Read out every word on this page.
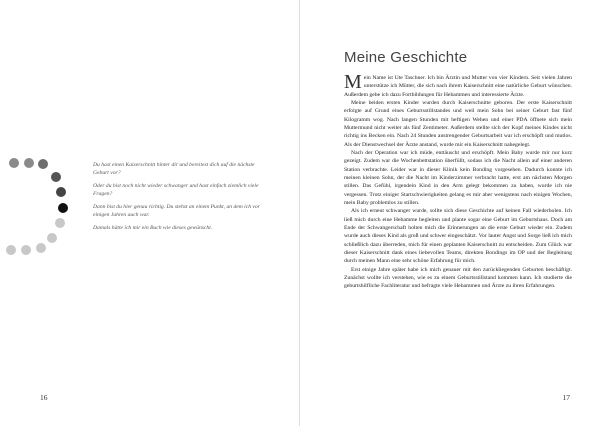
Du hast einen Kaiserschnitt hinter dir und bereitest dich auf die nächste Geburt vor?

Oder du bist noch nicht wieder schwanger und hast einfach ziemlich viele Fragen?

Dann bist du hier genau richtig. Du stehst an einem Punkt, an dem ich vor einigen Jahren auch war.

Damals hätte ich mir ein Buch wie dieses gewünscht.

16
Meine Geschichte

Mein Name ist Ute Taschner. Ich bin Ärztin und Mutter von vier Kindern. Seit vielen Jahren unterstütze ich Mütter, die sich nach ihrem Kaiserschnitt eine natürliche Geburt wünschen. Außerdem gebe ich dazu Fortbildungen für Hebammen und interessierte Ärzte.

Meine beiden ersten Kinder wurden durch Kaiserschnitte geboren. Der erste Kaiserschnitt erfolgte auf Grund eines Geburtsstillstandes und weil mein Sohn bei seiner Geburt fast fünf Kilogramm wog. Nach langen Stunden mit heftigen Wehen und einer PDA öffnete sich mein Muttermund nicht weiter als fünf Zentimeter. Außerdem stellte sich der Kopf meines Kindes nicht richtig ins Becken ein. Nach 24 Stunden anstrengender Geburtsarbeit war ich erschöpft und mutlos. Als der Dienstwechsel der Ärzte anstand, wurde mir ein Kaiserschnitt nahegelegt.

Nach der Operation war ich müde, enttäuscht und erschöpft. Mein Baby wurde mir nur kurz gezeigt. Zudem war die Wochenbettstation überfüllt, sodass ich die Nacht allein auf einer anderen Station verbrachte. Leider war in dieser Klinik kein Bonding vorgesehen. Dadurch konnte ich meinen kleinen Sohn, der die Nacht im Kinderzimmer verbracht hatte, erst am nächsten Morgen stillen. Das Gefühl, irgendein Kind in den Arm gelegt bekommen zu haben, wurde ich nie vergessen. Trotz einiger Startschwierigkeiten gelang es mir aber wenigstens nach einigen Wochen, mein Baby problemlos zu stillen.

Als ich erneut schwanger wurde, sollte sich diese Geschichte auf keinen Fall wiederholen. Ich ließ mich durch eine Hebamme begleiten und plante sogar eine Geburt im Geburtshaus. Doch am Ende der Schwangerschaft holten mich die Erinnerungen an die erste Geburt wieder ein. Zudem wurde auch dieses Kind als groß und schwer eingeschätzt. Vor lauter Angst und Sorge ließ ich mich schließlich dazu überreden, mich für einen geplanten Kaiserschnitt zu entscheiden. Zum Glück war dieser Kaiserschnitt dank eines liebevollen Teams, direkten Bondings im OP und der Begleitung durch meinen Mann eine sehr schöne Erfahrung für mich.

Erst einige Jahre später habe ich mich genauer mit den zurückliegenden Geburten beschäftigt. Zunächst wollte ich verstehen, wie es zu einem Geburtsstillstand kommen kann. Ich studierte die geburtshilfliche Fachliteratur und befragte viele Hebammen und Ärzte zu ihren Erfahrungen.

17
